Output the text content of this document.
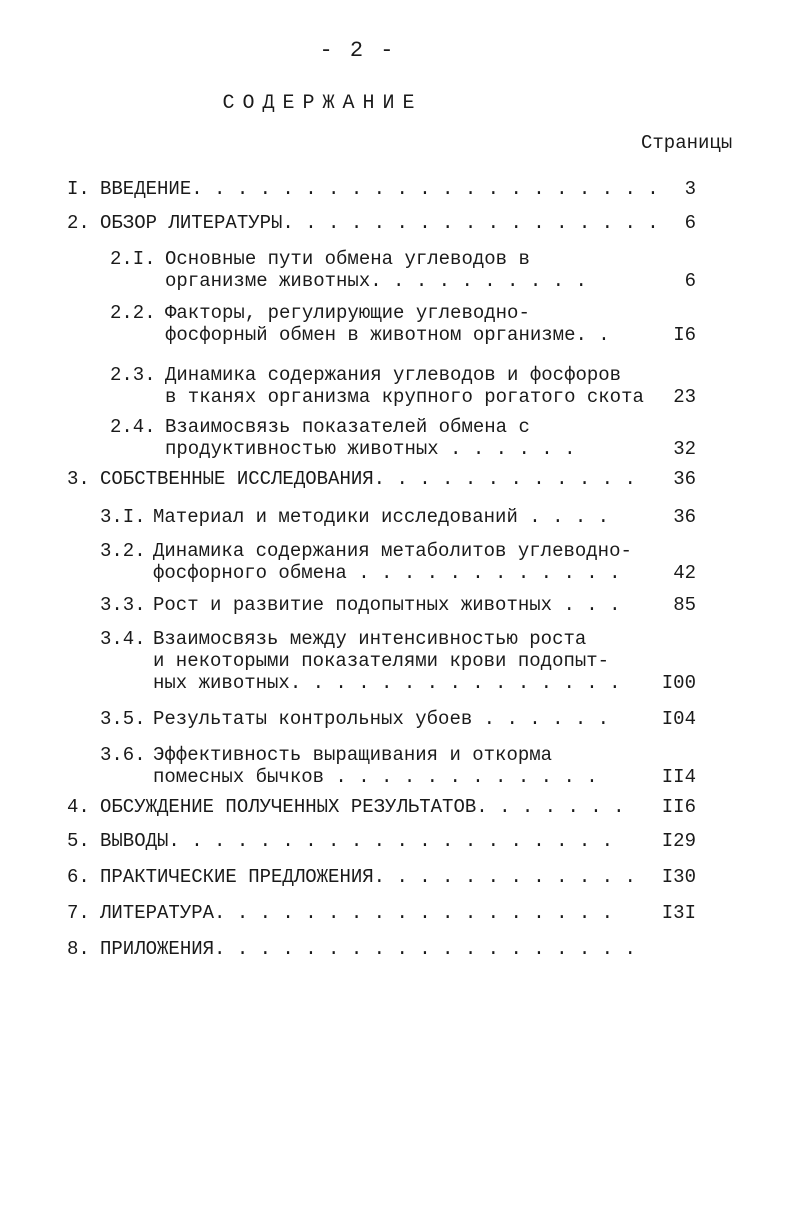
- 2 -
СОДЕРЖАНИЕ
Страницы
I. ВВЕДЕНИЕ. . . . . . . . . . . . . . . . . . . . . 3
2. ОБЗОР ЛИТЕРАТУРЫ. . . . . . . . . . . . . . . . . 6
2.I. Основные пути обмена углеводов в
организме животных. . . . . . . . . .	6
2.2. Факторы, регулирующие углеводно-
фосфорный обмен в животном организме. .	I6
2.3. Динамика содержания углеводов и фосфоров
в тканях организма крупного рогатого скота 23
2.4. Взаимосвязь показателей обмена с
продуктивностью животных . . . . . .	32
3. СОБСТВЕННЫЕ ИССЛЕДОВАНИЯ. . . . . . . . . . . . 36
3.I. Материал и методики исследований . . . .	36
3.2. Динамика содержания метаболитов углеводно-
фосфорного обмена . . . . . . . . . . . .	42
3.3. Рост и развитие подопытных животных . . .	85
3.4. Взаимосвязь между интенсивностью роста
и некоторыми показателями крови подопыт-
ных животных. . . . . . . . . . . . . . . I00
3.5. Результаты контрольных убоев . . . . . .	I04
3.6. Эффективность выращивания и откорма
помесных бычков . . . . . . . . . . . .	II4
4. ОБСУЖДЕНИЕ ПОЛУЧЕННЫХ РЕЗУЛЬТАТОВ. . . . . . . II6
5. ВЫВОДЫ. . . . . . . . . . . . . . . . . . . .	I29
6. ПРАКТИЧЕСКИЕ ПРЕДЛОЖЕНИЯ. . . . . . . . . . . . I30
7. ЛИТЕРАТУРА. . . . . . . . . . . . . . . . . .	I3I
8. ПРИЛОЖЕНИЯ. . . . . . . . . . . . . . . . . . .
